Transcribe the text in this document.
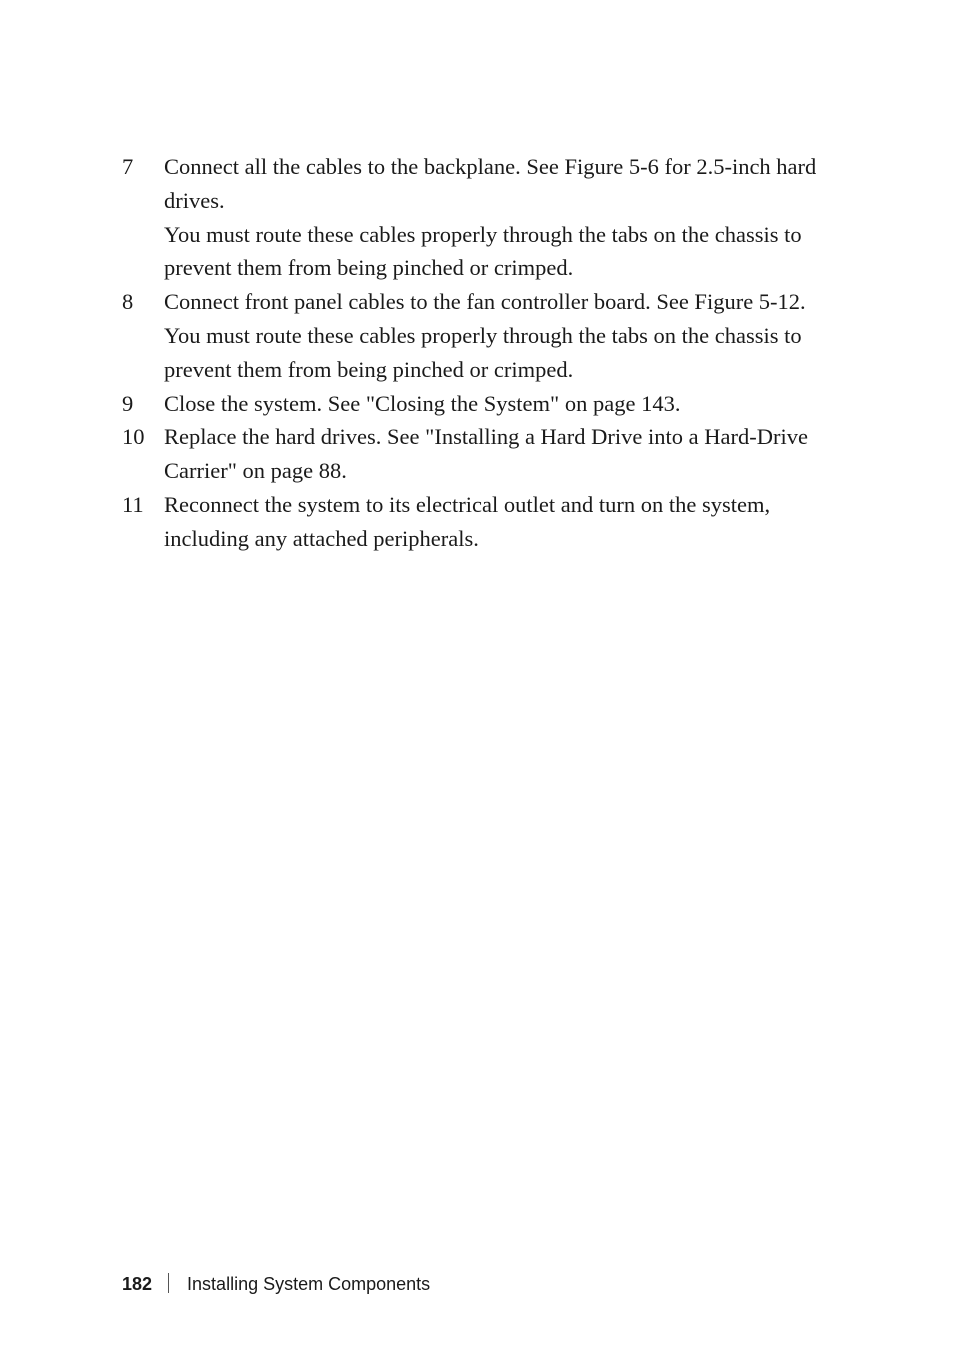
7 Connect all the cables to the backplane. See Figure 5-6 for 2.5-inch hard drives.

You must route these cables properly through the tabs on the chassis to prevent them from being pinched or crimped.

8 Connect front panel cables to the fan controller board. See Figure 5-12.

You must route these cables properly through the tabs on the chassis to prevent them from being pinched or crimped.

9 Close the system. See "Closing the System" on page 143.

10 Replace the hard drives. See "Installing a Hard Drive into a Hard-Drive Carrier" on page 88.

11 Reconnect the system to its electrical outlet and turn on the system, including any attached peripherals.

182 Installing System Components
